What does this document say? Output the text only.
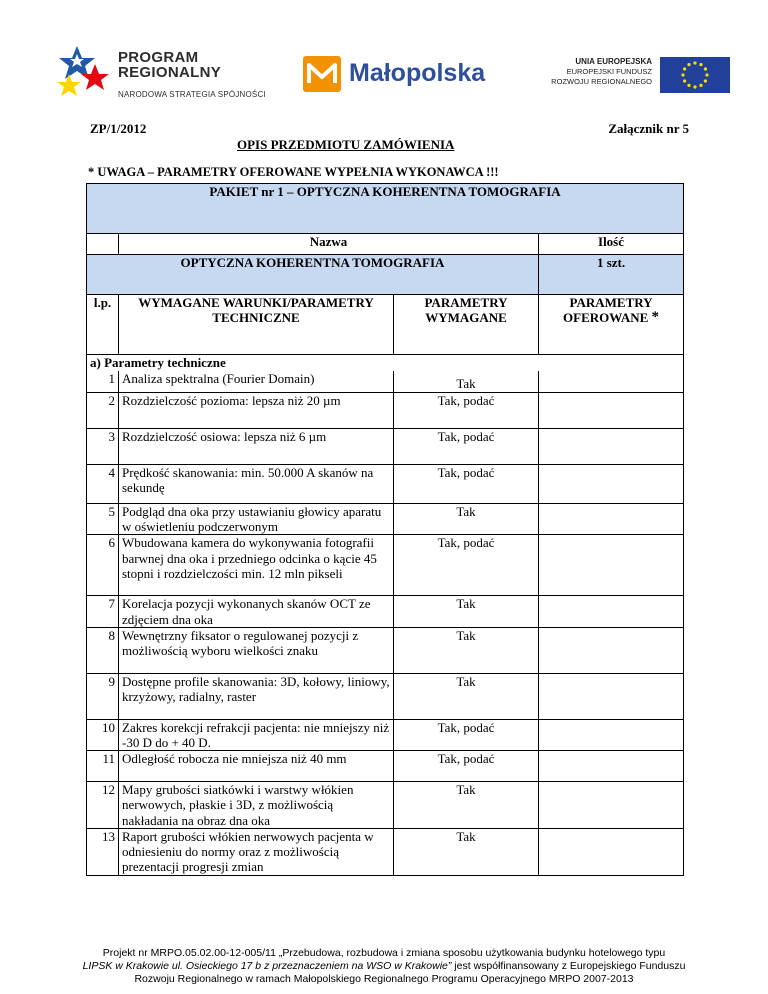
PROGRAM
REGIONALNY
NARODOWA STRATEGIA SPÓJNOŚCI
Małopolska	UNIA EUROPEJSKA
EUROPEJSKI FUNDUSZ
ROZWOJU REGIONALNEGO
ZP/1/2012	Załącznik nr 5
OPIS PRZEDMIOTU ZAMÓWIENIA
* UWAGA – PARAMETRY OFEROWANE WYPEŁNIA WYKONAWCA !!!
PAKIET nr 1 – OPTYCZNA KOHERENTNA TOMOGRAFIA			
	Nazwa		Ilość
OPTYCZNA KOHERENTNA TOMOGRAFIA			1 szt.
l.p.	WYMAGANE WARUNKI/PARAMETRY TECHNICZNE	PARAMETRY WYMAGANE	PARAMETRY OFEROWANE *
a) Parametry techniczne			
1	Analiza spektralna (Fourier Domain)	Tak	
2	Rozdzielczość pozioma: lepsza niż 20 µm	Tak, podać	
3	Rozdzielczość osiowa: lepsza niż 6 µm	Tak, podać	
4	Prędkość skanowania: min. 50.000 A skanów na sekundę	Tak, podać	
5	Podgląd dna oka przy ustawianiu głowicy aparatu w oświetleniu podczerwonym	Tak	
6	Wbudowana kamera do wykonywania fotografii barwnej dna oka i przedniego odcinka o kącie 45 stopni i rozdzielczości min. 12 mln pikseli	Tak, podać	
7	Korelacja pozycji wykonanych skanów OCT ze zdjęciem dna oka	Tak	
8	Wewnętrzny fiksator o regulowanej pozycji z możliwością wyboru wielkości znaku	Tak	
9	Dostępne profile skanowania: 3D, kołowy, liniowy, krzyżowy, radialny, raster	Tak	
10	Zakres korekcji refrakcji pacjenta: nie mniejszy niż -30 D do + 40 D.	Tak, podać	
11	Odległość robocza nie mniejsza niż 40 mm	Tak, podać	
12	Mapy grubości siatkówki i warstwy włókien nerwowych, płaskie i 3D, z możliwością nakładania na obraz dna oka	Tak	
13	Raport grubości włókien nerwowych pacjenta w odniesieniu do normy oraz z możliwością prezentacji progresji zmian	Tak	
Projekt nr MRPO.05.02.00-12-005/11 „Przebudowa, rozbudowa i zmiana sposobu użytkowania budynku hotelowego typu
LIPSK w Krakowie ul. Osieckiego 17 b z przeznaczeniem na WSO w Krakowie” jest współfinansowany z Europejskiego Funduszu
Rozwoju Regionalnego w ramach Małopolskiego Regionalnego Programu Operacyjnego MRPO 2007-2013
